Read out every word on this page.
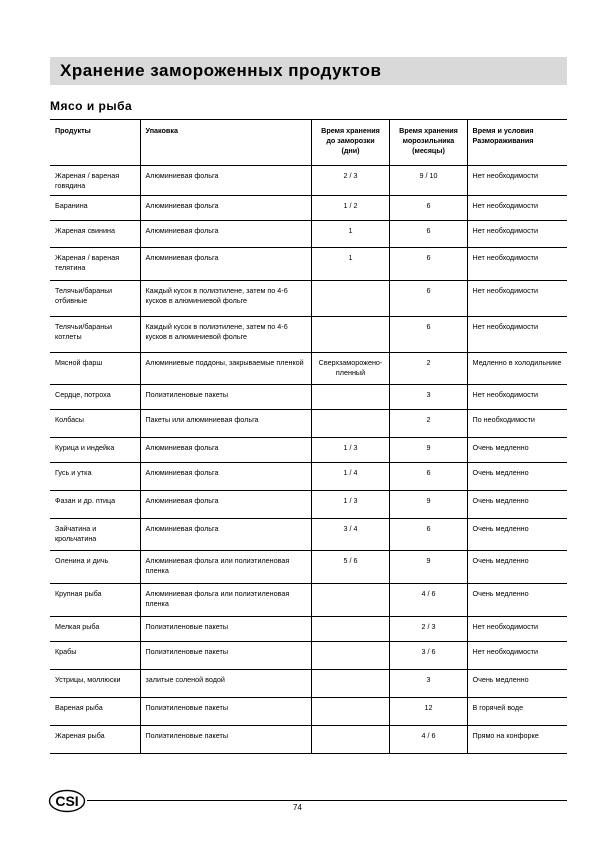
Хранение замороженных продуктов
Мясо и рыба
Продукты	Упаковка	Время хранения до заморозки (дни)	Время хранения морозильника (месяцы)	Время и условия Размораживания
Жареная / вареная говядина	Алюминиевая фольга	2 / 3	9 / 10	Нет необходимости
Баранина	Алюминиевая фольга	1 / 2	6	Нет необходимости
Жареная свинина	Алюминиевая фольга	1	6	Нет необходимости
Жареная / вареная телятина	Алюминиевая фольга	1	6	Нет необходимости
Телячьи/бараньи отбивные	Каждый кусок в полиэтилене, затем по 4-6 кусков в алюминиевой фольге		6	Нет необходимости
Телячьи/бараньи котлеты	Каждый кусок в полиэтилене, затем по 4-6 кусков в алюминиевой фольге		6	Нет необходимости
Мясной фарш	Алюминиевые поддоны, закрываемые пленкой	Сверхзаморожено-пленный	2	Медленно в холодильнике
Сердце, потроха	Полиэтиленовые пакеты		3	Нет необходимости
Колбасы	Пакеты или алюминиевая фольга		2	По необходимости
Курица и индейка	Алюминиевая фольга	1 / 3	9	Очень медленно
Гусь и утка	Алюминиевая фольга	1 / 4	6	Очень медленно
Фазан и др. птица	Алюминиевая фольга	1 / 3	9	Очень медленно
Зайчатина и крольчатина	Алюминиевая фольга	3 / 4	6	Очень медленно
Оленина и дичь	Алюминиевая фольга или полиэтиленовая пленка	5 / 6	9	Очень медленно
Крупная рыба	Алюминиевая фольга или полиэтиленовая пленка		4 / 6	Очень медленно
Мелкая рыба	Полиэтиленовые пакеты		2 / 3	Нет необходимости
Крабы	Полиэтиленовые пакеты		3 / 6	Нет необходимости
Устрицы, моллюски	залитые соленой водой		3	Очень медленно
Вареная рыба	Полиэтиленовые пакеты		12	В горячей воде
Жареная рыба	Полиэтиленовые пакеты		4 / 6	Прямо на конфорке
CSI	74
